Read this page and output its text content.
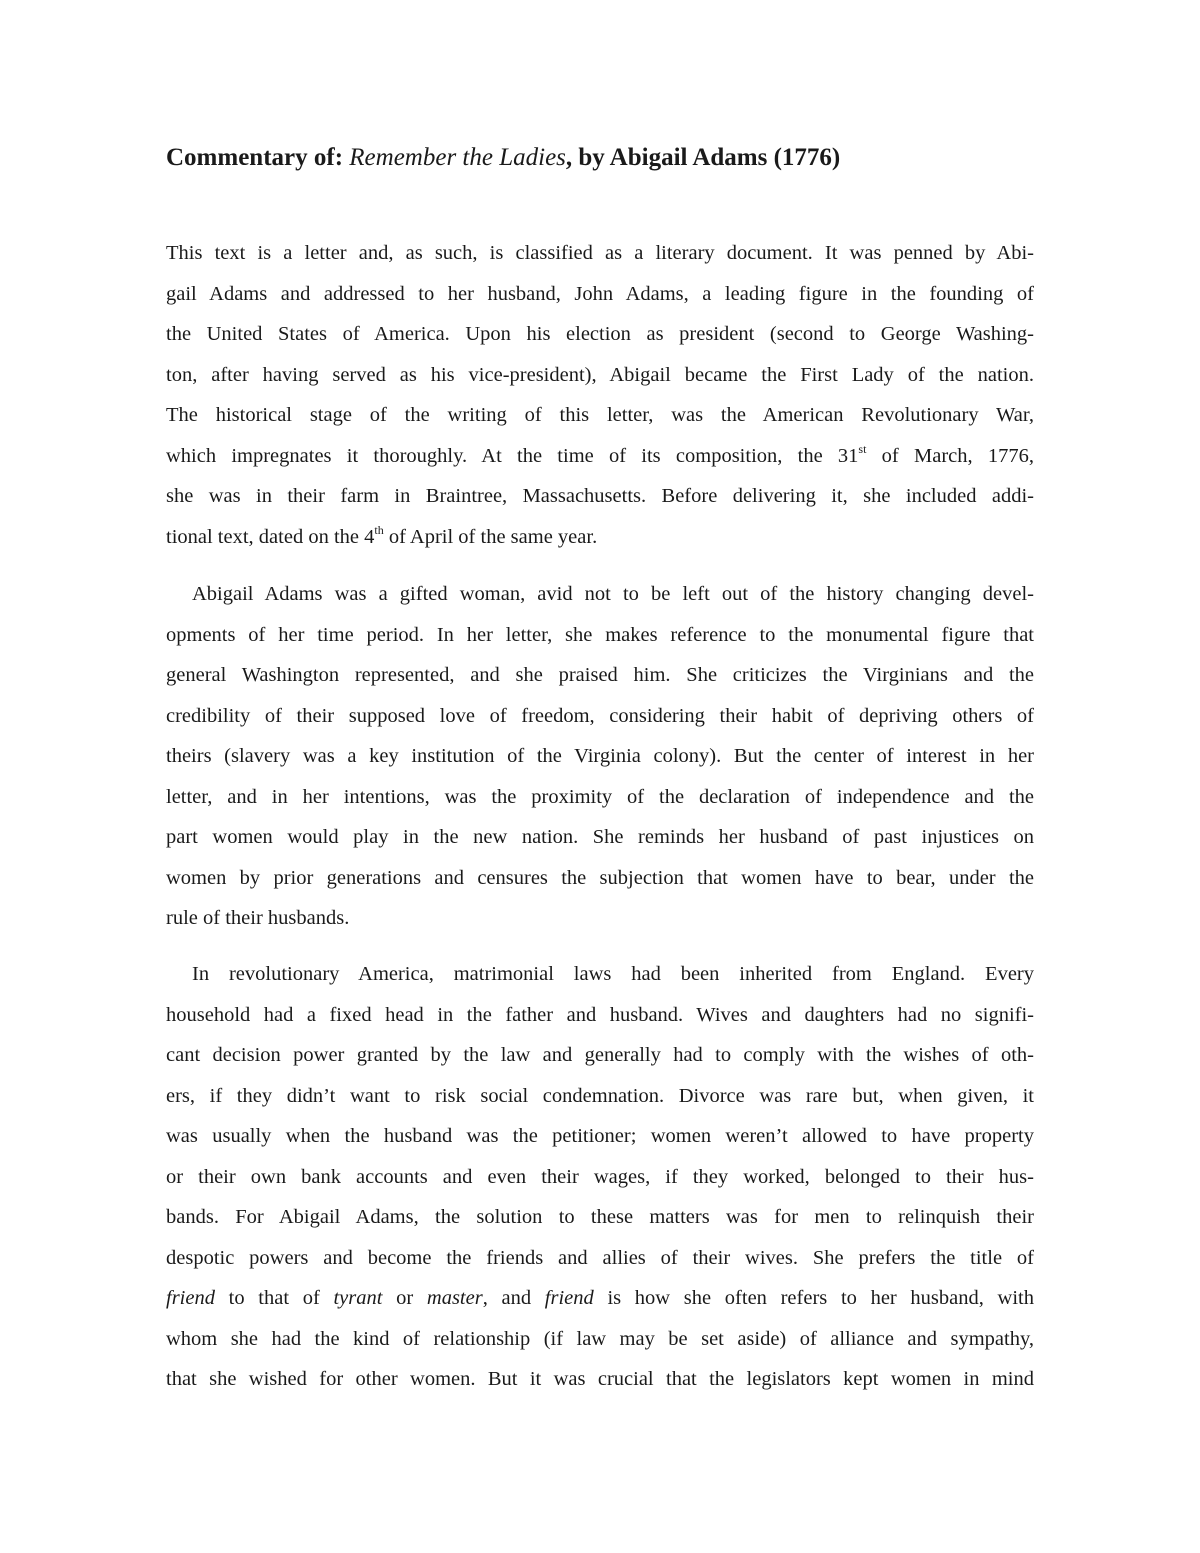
Commentary of: Remember the Ladies, by Abigail Adams (1776)
This text is a letter and, as such, is classified as a literary document. It was penned by Abi-
gail Adams and addressed to her husband, John Adams, a leading figure in the founding of
the United States of America. Upon his election as president (second to George Washing-
ton, after having served as his vice-president), Abigail became the First Lady of the nation.
The historical stage of the writing of this letter, was the American Revolutionary War,
which impregnates it thoroughly. At the time of its composition, the 31st of March, 1776,
she was in their farm in Braintree, Massachusetts. Before delivering it, she included addi-
tional text, dated on the 4th of April of the same year.
Abigail Adams was a gifted woman, avid not to be left out of the history changing devel-
opments of her time period. In her letter, she makes reference to the monumental figure that
general Washington represented, and she praised him. She criticizes the Virginians and the
credibility of their supposed love of freedom, considering their habit of depriving others of
theirs (slavery was a key institution of the Virginia colony). But the center of interest in her
letter, and in her intentions, was the proximity of the declaration of independence and the
part women would play in the new nation. She reminds her husband of past injustices on
women by prior generations and censures the subjection that women have to bear, under the
rule of their husbands.
In revolutionary America, matrimonial laws had been inherited from England. Every
household had a fixed head in the father and husband. Wives and daughters had no signifi-
cant decision power granted by the law and generally had to comply with the wishes of oth-
ers, if they didn’t want to risk social condemnation. Divorce was rare but, when given, it
was usually when the husband was the petitioner; women weren’t allowed to have property
or their own bank accounts and even their wages, if they worked, belonged to their hus-
bands. For Abigail Adams, the solution to these matters was for men to relinquish their
despotic powers and become the friends and allies of their wives. She prefers the title of
friend to that of tyrant or master, and friend is how she often refers to her husband, with
whom she had the kind of relationship (if law may be set aside) of alliance and sympathy,
that she wished for other women. But it was crucial that the legislators kept women in mind
